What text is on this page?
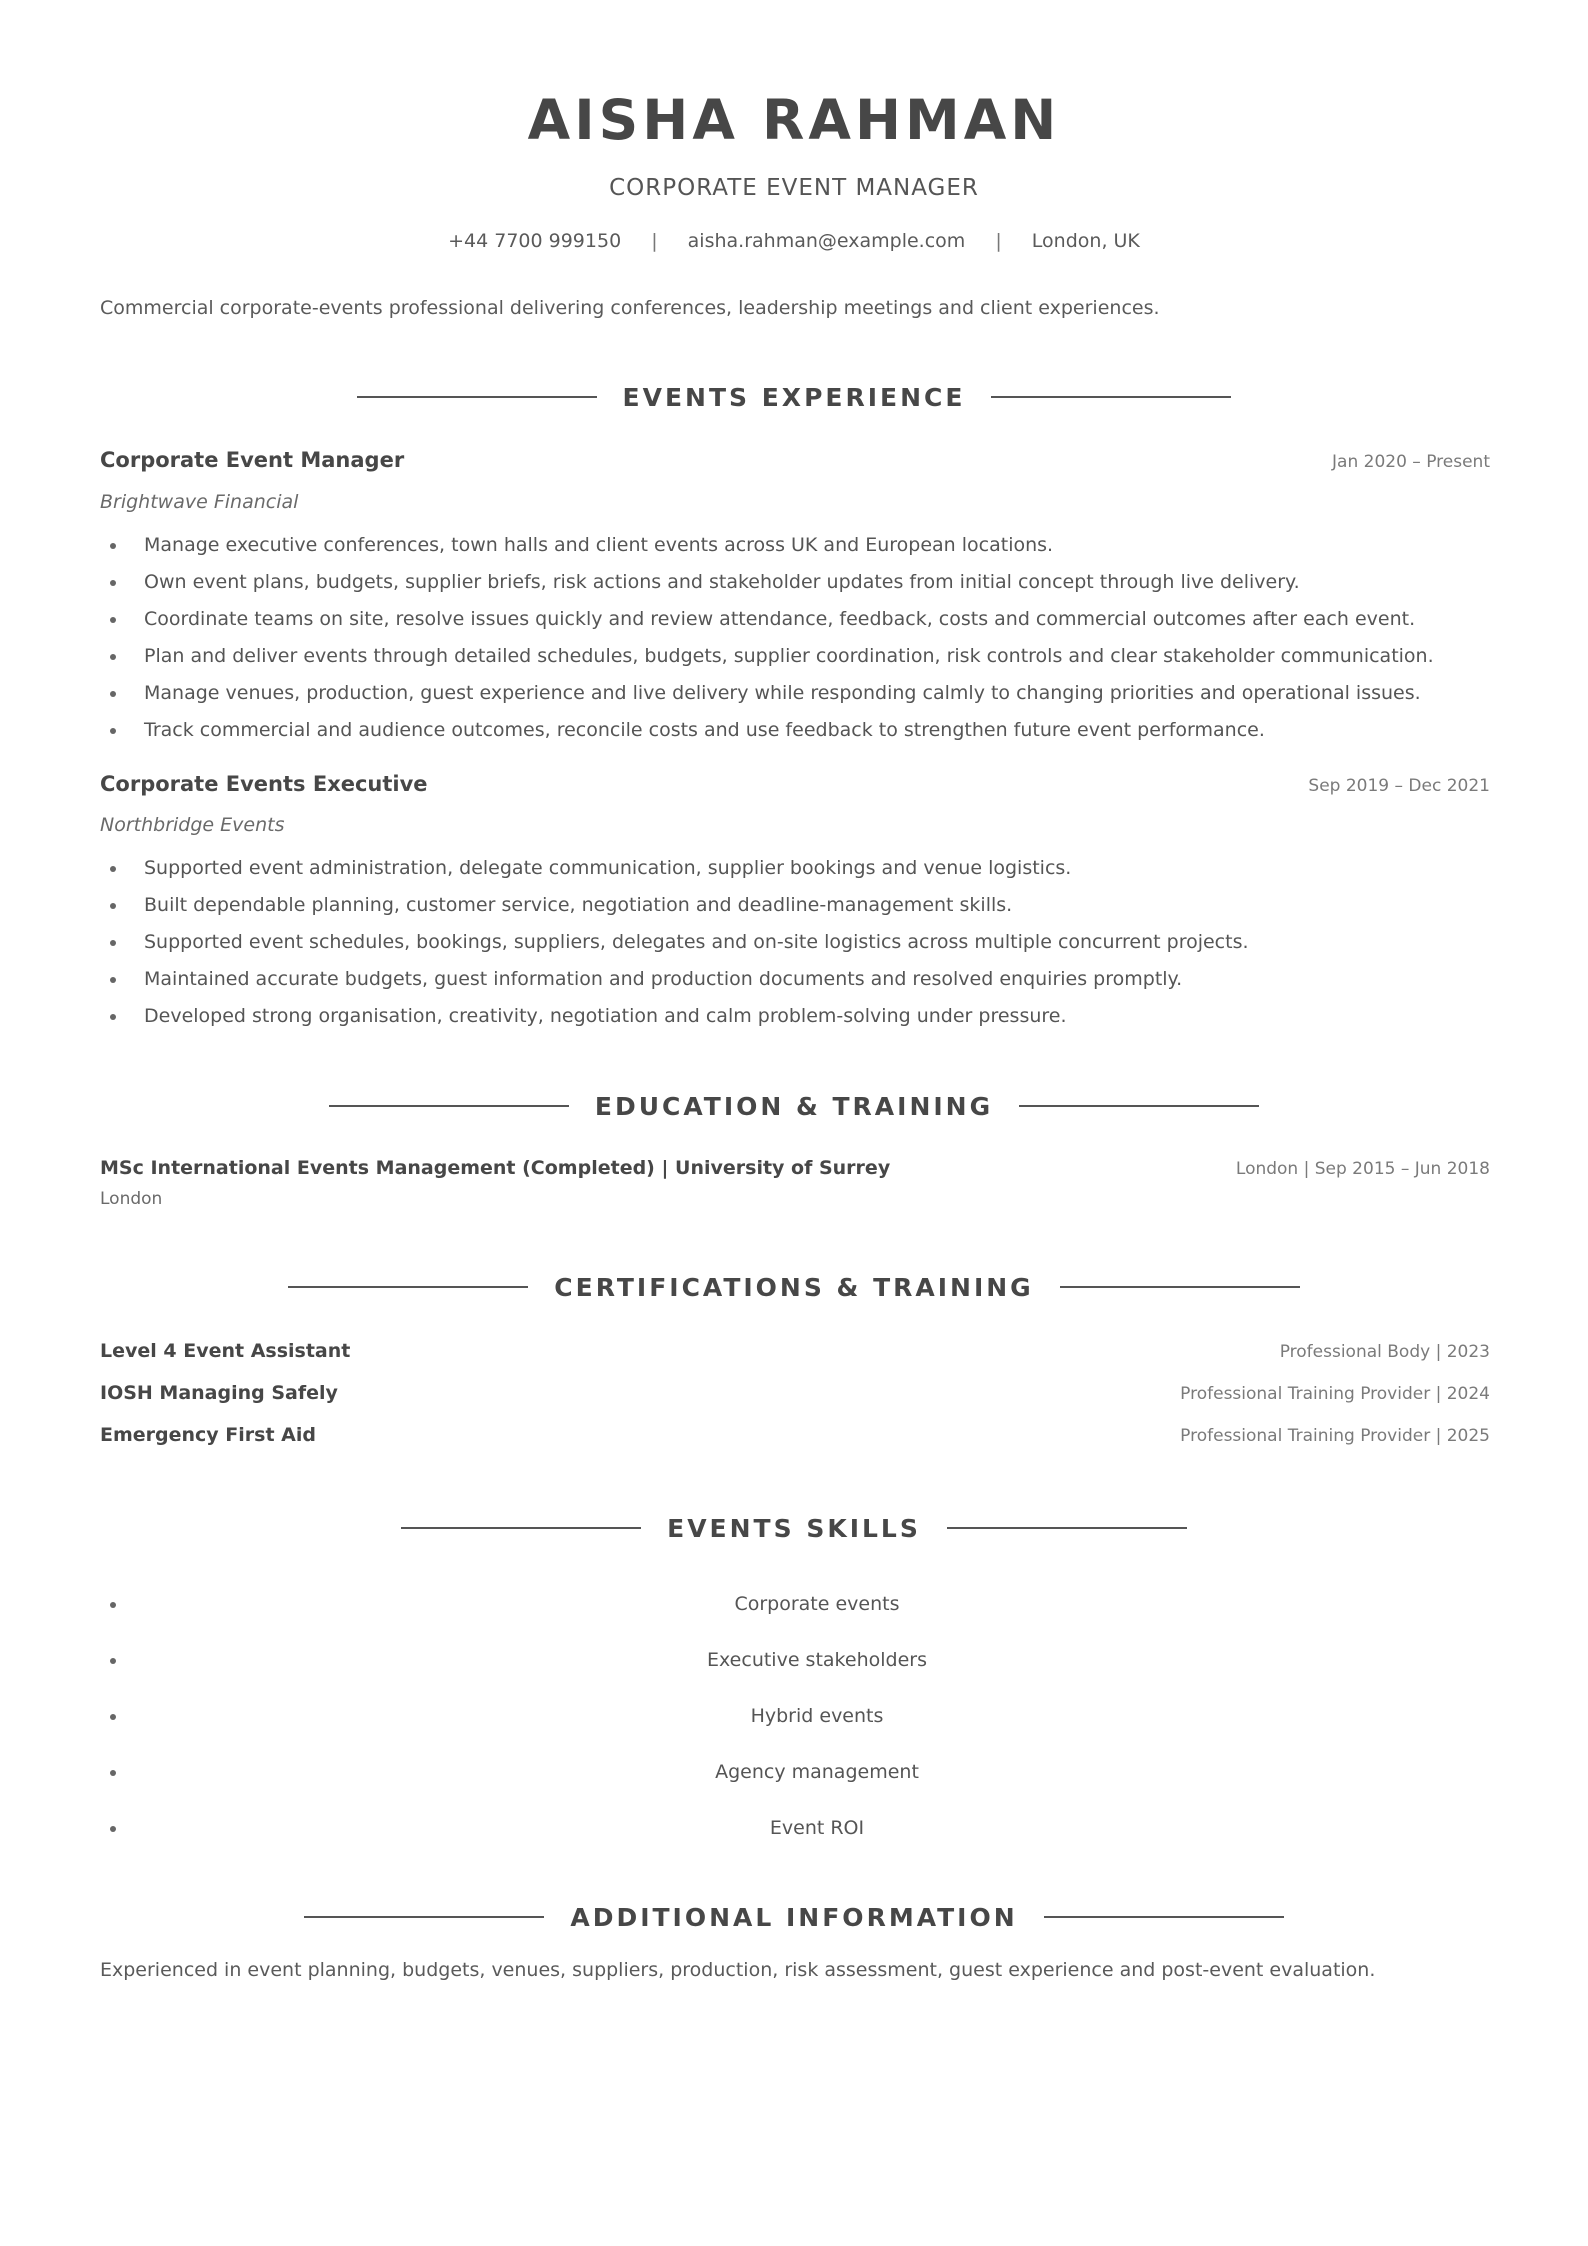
AISHA RAHMAN
CORPORATE EVENT MANAGER
+44 7700 999150 | aisha.rahman@example.com | London, UK
Commercial corporate-events professional delivering conferences, leadership meetings and client experiences.
EVENTS EXPERIENCE
Corporate Event Manager	Jan 2020 – Present
Brightwave Financial
Manage executive conferences, town halls and client events across UK and European locations.
Own event plans, budgets, supplier briefs, risk actions and stakeholder updates from initial concept through live delivery.
Coordinate teams on site, resolve issues quickly and review attendance, feedback, costs and commercial outcomes after each event.
Plan and deliver events through detailed schedules, budgets, supplier coordination, risk controls and clear stakeholder communication.
Manage venues, production, guest experience and live delivery while responding calmly to changing priorities and operational issues.
Track commercial and audience outcomes, reconcile costs and use feedback to strengthen future event performance.
Corporate Events Executive	Sep 2019 – Dec 2021
Northbridge Events
Supported event administration, delegate communication, supplier bookings and venue logistics.
Built dependable planning, customer service, negotiation and deadline-management skills.
Supported event schedules, bookings, suppliers, delegates and on-site logistics across multiple concurrent projects.
Maintained accurate budgets, guest information and production documents and resolved enquiries promptly.
Developed strong organisation, creativity, negotiation and calm problem-solving under pressure.
EDUCATION & TRAINING
MSc International Events Management (Completed) | University of Surrey	London | Sep 2015 – Jun 2018
London
CERTIFICATIONS & TRAINING
Level 4 Event Assistant	Professional Body | 2023
IOSH Managing Safely	Professional Training Provider | 2024
Emergency First Aid	Professional Training Provider | 2025
EVENTS SKILLS
Corporate events
Executive stakeholders
Hybrid events
Agency management
Event ROI
ADDITIONAL INFORMATION
Experienced in event planning, budgets, venues, suppliers, production, risk assessment, guest experience and post-event evaluation.
